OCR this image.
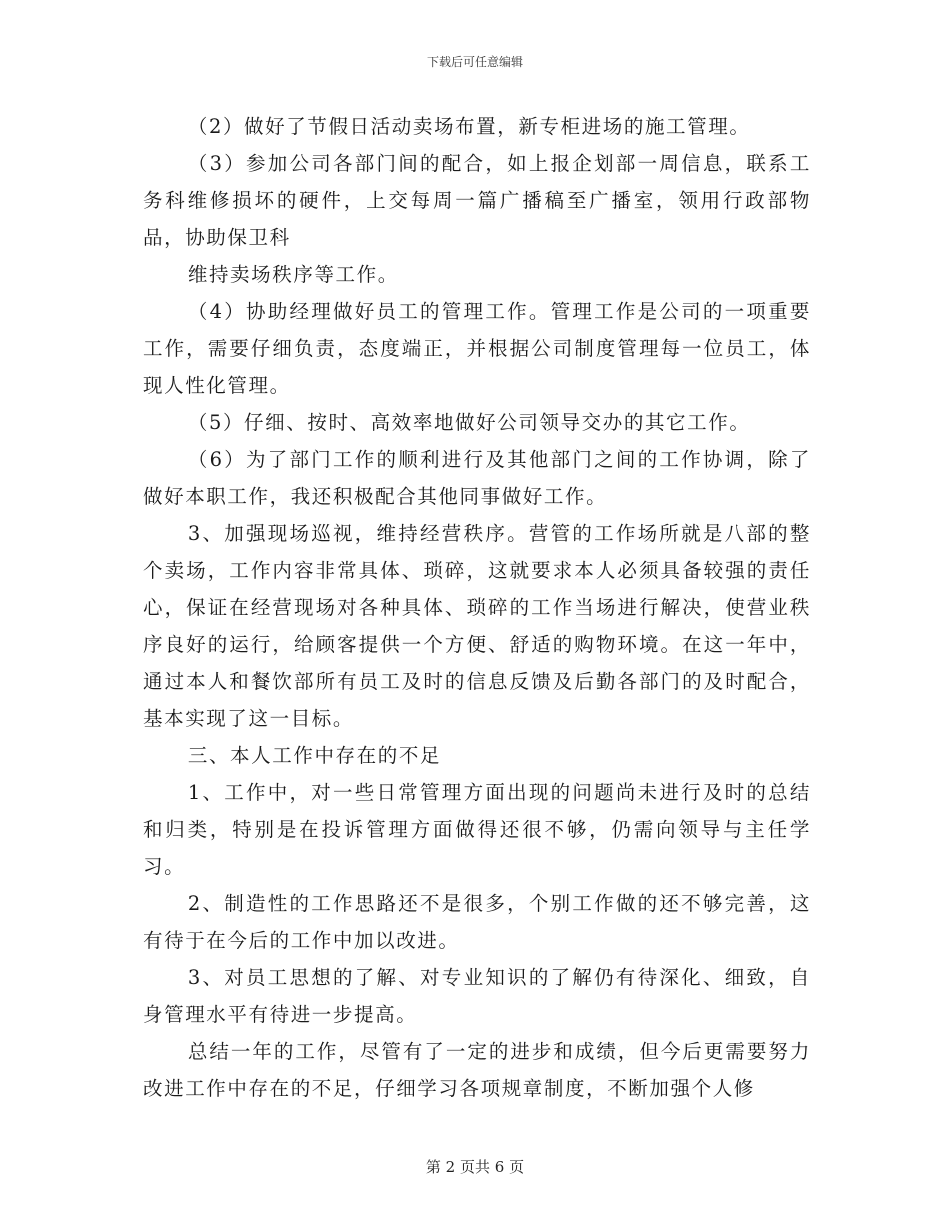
下载后可任意编辑

（2）做好了节假日活动卖场布置，新专柜进场的施工管理。

（3）参加公司各部门间的配合，如上报企划部一周信息，联系工务科维修损坏的硬件，上交每周一篇广播稿至广播室，领用行政部物品，协助保卫科

维持卖场秩序等工作。

（4）协助经理做好员工的管理工作。管理工作是公司的一项重要工作，需要仔细负责，态度端正，并根据公司制度管理每一位员工，体现人性化管理。

（5）仔细、按时、高效率地做好公司领导交办的其它工作。

（6）为了部门工作的顺利进行及其他部门之间的工作协调，除了做好本职工作，我还积极配合其他同事做好工作。

3、加强现场巡视，维持经营秩序。营管的工作场所就是八部的整个卖场，工作内容非常具体、琐碎，这就要求本人必须具备较强的责任心，保证在经营现场对各种具体、琐碎的工作当场进行解决，使营业秩序良好的运行，给顾客提供一个方便、舒适的购物环境。在这一年中，通过本人和餐饮部所有员工及时的信息反馈及后勤各部门的及时配合，基本实现了这一目标。

三、本人工作中存在的不足

1、工作中，对一些日常管理方面出现的问题尚未进行及时的总结和归类，特别是在投诉管理方面做得还很不够，仍需向领导与主任学习。

2、制造性的工作思路还不是很多，个别工作做的还不够完善，这有待于在今后的工作中加以改进。

3、对员工思想的了解、对专业知识的了解仍有待深化、细致，自身管理水平有待进一步提高。

总结一年的工作，尽管有了一定的进步和成绩，但今后更需要努力改进工作中存在的不足，仔细学习各项规章制度，不断加强个人修

第 2 页共 6 页
